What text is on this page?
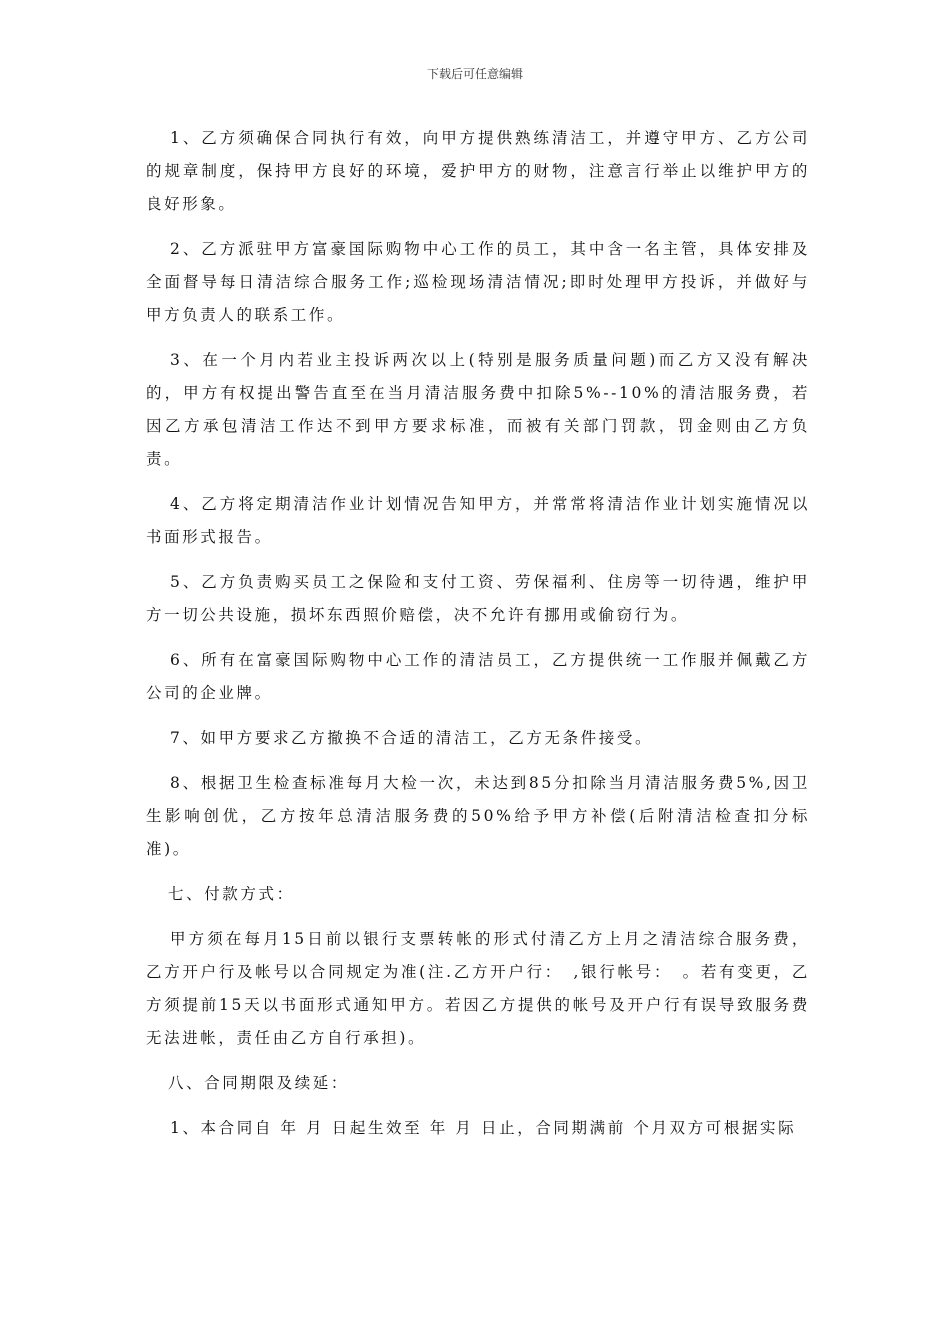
下载后可任意编辑

1、乙方须确保合同执行有效，向甲方提供熟练清洁工，并遵守甲方、乙方公司的规章制度，保持甲方良好的环境，爱护甲方的财物，注意言行举止以维护甲方的良好形象。

2、乙方派驻甲方富豪国际购物中心工作的员工，其中含一名主管，具体安排及全面督导每日清洁综合服务工作;巡检现场清洁情况;即时处理甲方投诉，并做好与甲方负责人的联系工作。

3、在一个月内若业主投诉两次以上(特别是服务质量问题)而乙方又没有解决的，甲方有权提出警告直至在当月清洁服务费中扣除5%--10%的清洁服务费，若因乙方承包清洁工作达不到甲方要求标准，而被有关部门罚款，罚金则由乙方负责。

4、乙方将定期清洁作业计划情况告知甲方，并常常将清洁作业计划实施情况以书面形式报告。

5、乙方负责购买员工之保险和支付工资、劳保福利、住房等一切待遇，维护甲方一切公共设施，损坏东西照价赔偿，决不允许有挪用或偷窃行为。

6、所有在富豪国际购物中心工作的清洁员工，乙方提供统一工作服并佩戴乙方公司的企业牌。

7、如甲方要求乙方撤换不合适的清洁工，乙方无条件接受。

8、根据卫生检查标准每月大检一次，未达到85分扣除当月清洁服务费5%,因卫生影响创优，乙方按年总清洁服务费的50%给予甲方补偿(后附清洁检查扣分标准)。

七、付款方式：

甲方须在每月15日前以银行支票转帐的形式付清乙方上月之清洁综合服务费，乙方开户行及帐号以合同规定为准(注.乙方开户行：　,银行帐号：　。若有变更，乙方须提前15天以书面形式通知甲方。若因乙方提供的帐号及开户行有误导致服务费无法进帐，责任由乙方自行承担)。

八、合同期限及续延：

1、本合同自 年 月 日起生效至 年 月 日止，合同期满前 个月双方可根据实际
